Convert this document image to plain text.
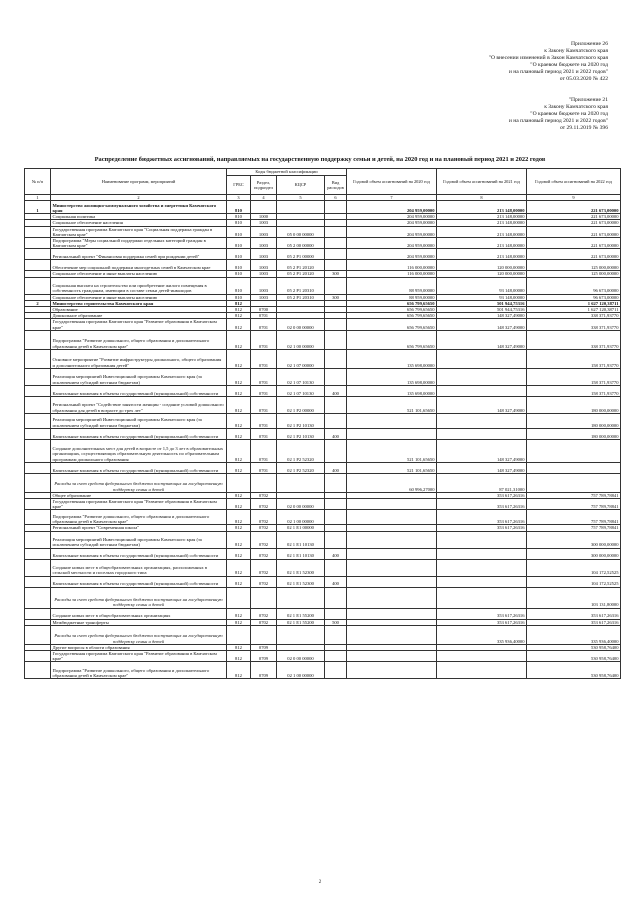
Приложение 26
к Закону Камчатского края
"О внесении изменений в Закон Камчатского края
"О краевом бюджете на 2020 год
и на плановый период 2021 и 2022 годов"
от 05.03.2020 № 422
"Приложение 21
к Закону Камчатского края
"О краевом бюджете на 2020 год
и на плановый период 2021 и 2022 годов"
от 29.11.2019 № 396
Распределение бюджетных ассигнований, направляемых на государственную поддержку семьи и детей, на 2020 год и на плановый период 2021 и 2022 годов
№ п/п	Наименование программ, мероприятий	Коды бюджетной классификации				Годовой объем ассигнований на 2020 год	Годовой объем ассигнований на 2021 год	Годовой объем ассигнований на 2022 год
		ГРБС	Раздел, подраздел	КЦСР	Вид расходов			
1	2	3	4	5	6	7	8	9
1	Министерство жилищно-коммунального хозяйства и энергетики Камчатского края	810				204 959,00000	213 148,00000	221 673,00000
	Социальная политика	810	1000			204 959,00000	213 148,00000	221 673,00000
	Социальное обеспечение населения	810	1003			204 959,00000	213 148,00000	221 673,00000
	Государственная программа Камчатского края "Социальная поддержка граждан в Камчатском крае"	810	1003	05 0 00 00000		204 959,00000	213 148,00000	221 673,00000
	Подпрограмма "Меры социальной поддержки отдельных категорий граждан в Камчатском крае"	810	1003	05 2 00 00000		204 959,00000	213 148,00000	221 673,00000
	Региональный проект "Финансовая поддержка семей при рождении детей"	810	1003	05 2 P1 00000		204 959,00000	213 148,00000	221 673,00000
	Обеспечение мер социальной поддержки многодетных семей в Камчатском крае	810	1003	05 2 P1 20120		116 000,00000	120 000,00000	125 000,00000
	Социальное обеспечение и иные выплаты населению	810	1003	05 2 P1 20120	300	116 000,00000	120 000,00000	125 000,00000
	Социальная выплата на строительство или приобретение жилого помещения в собственность гражданам, имеющим в составе семьи детей-инвалидов	810	1003	05 2 P1 20310		88 959,00000	93 148,00000	96 673,00000
	Социальное обеспечение и иные выплаты населению	810	1003	05 2 P1 20310	300	88 959,00000	93 148,00000	96 673,00000
2	Министерство строительства Камчатского края	812				656 799,65650	501 944,75316	1 627 120,38711
	Образование	812	0700			656 799,65650	501 944,75316	1 627 120,38711
	Дошкольное образование	812	0701			656 799,65650	148 327,49000	338 371,93770
	Государственная программа Камчатского края "Развитие образования в Камчатском крае"	812	0701	02 0 00 00000		656 799,65650	148 327,49000	338 371,93770
	Подпрограмма "Развитие дошкольного, общего образования и дополнительного образования детей в Камчатском крае"	812	0701	02 1 00 00000		656 799,65650	148 327,49000	338 371,93770
	Основное мероприятие "Развитие инфраструктуры дошкольного, общего образования и дополнительного образования детей"	812	0701	02 1 07 00000		135 698,00000		158 371,93770
	Реализация мероприятий Инвестиционной программы Камчатского края (за исключением субсидий местным бюджетам)	812	0701	02 1 07 10130		135 698,00000		158 371,93770
	Капитальные вложения в объекты государственной (муниципальной) собственности	812	0701	02 1 07 10130	400	135 698,00000		158 371,93770
	Региональный проект "Содействие занятости женщин - создание условий дошкольного образования для детей в возрасте до трех лет"	812	0701	02 1 P2 00000		521 101,65650	148 327,49000	180 000,00000
	Реализация мероприятий Инвестиционной программы Камчатского края (за исключением субсидий местным бюджетам)	812	0701	02 1 P2 10130				180 000,00000
	Капитальные вложения в объекты государственной (муниципальной) собственности	812	0701	02 1 P2 10130	400			180 000,00000
	Создание дополнительных мест для детей в возрасте от 1,5 до 3 лет в образовательных организациях, осуществляющих образовательную деятельность по образовательным программам дошкольного образования	812	0701	02 1 P2 52320		521 101,65650	148 327,49000	
	Капитальные вложения в объекты государственной (муниципальной) собственности	812	0701	02 1 P2 52320	400	521 101,65650	148 327,49000	
	Расходы за счет средств федерального бюджета поступающих на государственную поддержку семьи и детей					60 996,27000	87 021,31000	
	Общее образование	812	0702				353 617,26316	757 789,78841
	Государственная программа Камчатского края "Развитие образования в Камчатском крае"	812	0702	02 0 00 00000			353 617,26316	757 789,78841
	Подпрограмма "Развитие дошкольного, общего образования и дополнительного образования детей в Камчатском крае"	812	0702	02 1 00 00000			353 617,26316	757 789,78841
	Региональный проект "Современная школа"	812	0702	02 1 E1 00000			353 617,26316	757 789,78841
	Реализация мероприятий Инвестиционной программы Камчатского края (за исключением субсидий местным бюджетам)	812	0702	02 1 E1 10130				300 000,00000
	Капитальные вложения в объекты государственной (муниципальной) собственности	812	0702	02 1 E1 10130	400			300 000,00000
	Создание новых мест в общеобразовательных организациях, расположенных в сельской местности и поселках городского типа	812	0702	02 1 E1 52300				104 172,52525
	Капитальные вложения в объекты государственной (муниципальной) собственности	812	0702	02 1 E1 52300	400			104 172,52525
	Расходы за счет средств федерального бюджета поступающих на государственную поддержку семьи и детей							103 131,80000
	Создание новых мест в общеобразовательных организациях	812	0702	02 1 E1 55200			353 617,26316	353 617,26316
	Межбюджетные трансферты	812	0702	02 1 E1 55200	500		353 617,26316	353 617,26316
	Расходы за счет средств федерального бюджета поступающих на государственную поддержку семьи и детей						335 936,40000	335 936,40000
	Другие вопросы в области образования	812	0709					530 958,76400
	Государственная программа Камчатского края "Развитие образования в Камчатском крае"	812	0709	02 0 00 00000				530 958,76400
	Подпрограмма "Развитие дошкольного, общего образования и дополнительного образования детей в Камчатском крае"	812	0709	02 1 00 00000				530 958,76400
2
